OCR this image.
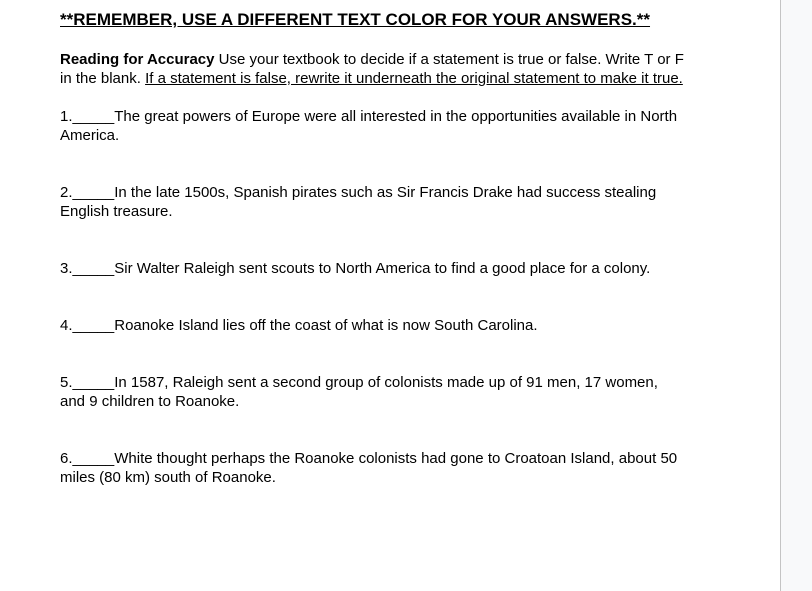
**REMEMBER, USE A DIFFERENT TEXT COLOR FOR YOUR ANSWERS.**

Reading for Accuracy Use your textbook to decide if a statement is true or false. Write T or F in the blank. If a statement is false, rewrite it underneath the original statement to make it true.

1._____The great powers of Europe were all interested in the opportunities available in North America.

2._____In the late 1500s, Spanish pirates such as Sir Francis Drake had success stealing English treasure.

3._____Sir Walter Raleigh sent scouts to North America to find a good place for a colony.

4._____Roanoke Island lies off the coast of what is now South Carolina.

5._____In 1587, Raleigh sent a second group of colonists made up of 91 men, 17 women, and 9 children to Roanoke.

6._____White thought perhaps the Roanoke colonists had gone to Croatoan Island, about 50 miles (80 km) south of Roanoke.
